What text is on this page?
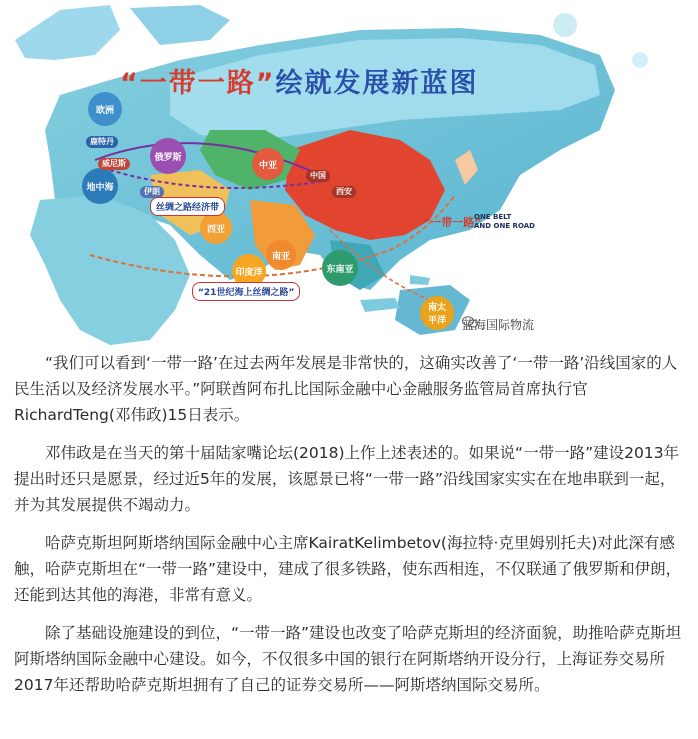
“一带一路”绘就发展新蓝图
欧洲
俄罗斯
地中海
中亚
西亚
南亚
印度洋	东南亚
南太
平洋
威尼斯
鹿特丹
伊朗
中国
西安
丝绸之路经济带
“21世纪海上丝绸之路”
“一带一路”
ONE BELT
AND ONE ROAD
蓝海国际物流

“我们可以看到‘一带一路’在过去两年发展是非常快的，这确实改善了‘一带一路’沿线国家的人民生活以及经济发展水平。”阿联酋阿布扎比国际金融中心金融服务监管局首席执行官RichardTeng(邓伟政)15日表示。

邓伟政是在当天的第十届陆家嘴论坛(2018)上作上述表述的。如果说“一带一路”建设2013年提出时还只是愿景，经过近5年的发展，该愿景已将“一带一路”沿线国家实实在在地串联到一起，并为其发展提供不竭动力。

哈萨克斯坦阿斯塔纳国际金融中心主席KairatKelimbetov(海拉特·克里姆别托夫)对此深有感触，哈萨克斯坦在“一带一路”建设中，建成了很多铁路，使东西相连，不仅联通了俄罗斯和伊朗，还能到达其他的海港，非常有意义。

除了基础设施建设的到位，“一带一路”建设也改变了哈萨克斯坦的经济面貌，助推哈萨克斯坦阿斯塔纳国际金融中心建设。如今，不仅很多中国的银行在阿斯塔纳开设分行，上海证券交易所2017年还帮助哈萨克斯坦拥有了自己的证券交易所——阿斯塔纳国际交易所。
